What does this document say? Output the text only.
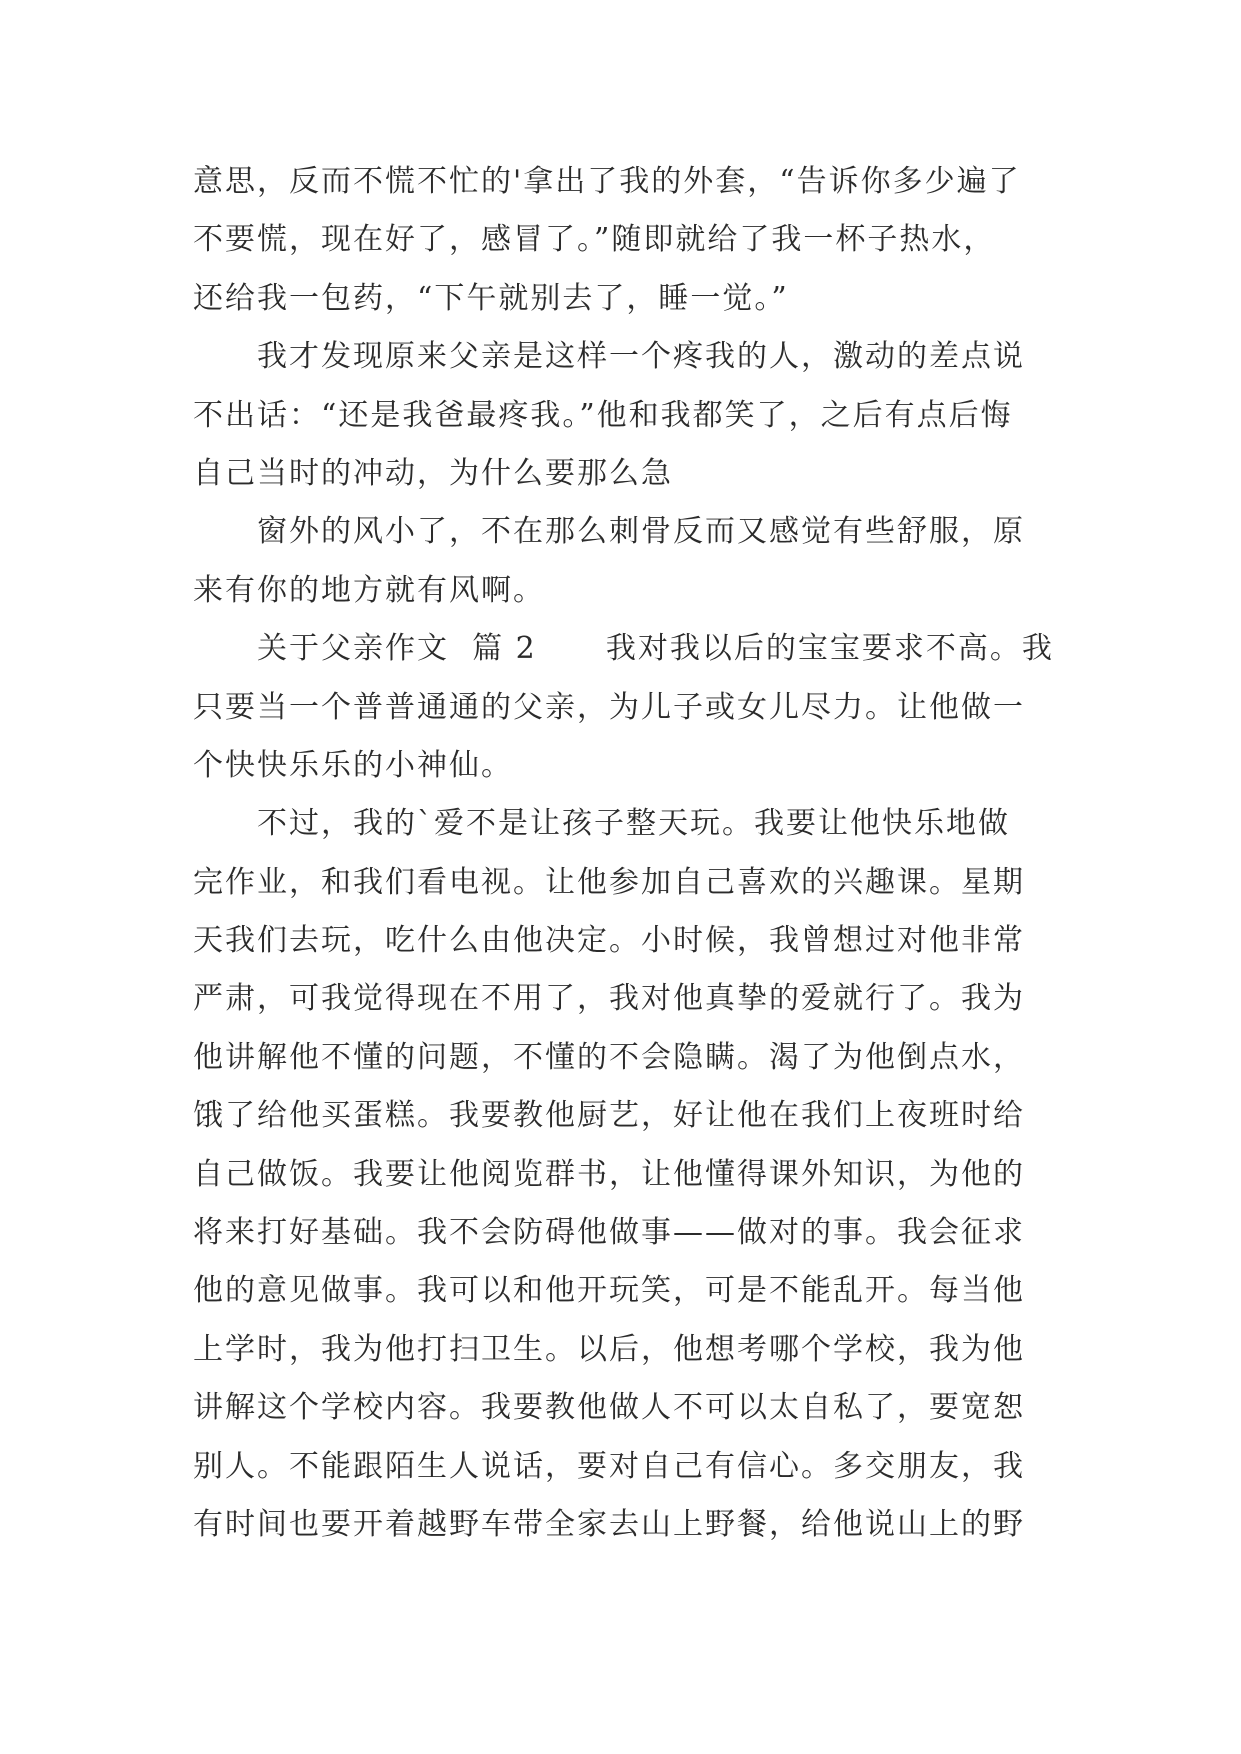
意思，反而不慌不忙的'拿出了我的外套，“告诉你多少遍了
不要慌，现在好了，感冒了。”随即就给了我一杯子热水，
还给我一包药，“下午就别去了，睡一觉。”
我才发现原来父亲是这样一个疼我的人，激动的差点说
不出话：“还是我爸最疼我。”他和我都笑了，之后有点后悔
自己当时的冲动，为什么要那么急
窗外的风小了，不在那么刺骨反而又感觉有些舒服，原
来有你的地方就有风啊。
关于父亲作文  篇 2      我对我以后的宝宝要求不高。我
只要当一个普普通通的父亲，为儿子或女儿尽力。让他做一
个快快乐乐的小神仙。
不过，我的`爱不是让孩子整天玩。我要让他快乐地做
完作业，和我们看电视。让他参加自己喜欢的兴趣课。星期
天我们去玩，吃什么由他决定。小时候，我曾想过对他非常
严肃，可我觉得现在不用了，我对他真挚的爱就行了。我为
他讲解他不懂的问题，不懂的不会隐瞒。渴了为他倒点水，
饿了给他买蛋糕。我要教他厨艺，好让他在我们上夜班时给
自己做饭。我要让他阅览群书，让他懂得课外知识，为他的
将来打好基础。我不会防碍他做事——做对的事。我会征求
他的意见做事。我可以和他开玩笑，可是不能乱开。每当他
上学时，我为他打扫卫生。以后，他想考哪个学校，我为他
讲解这个学校内容。我要教他做人不可以太自私了，要宽恕
别人。不能跟陌生人说话，要对自己有信心。多交朋友，我
有时间也要开着越野车带全家去山上野餐，给他说山上的野
